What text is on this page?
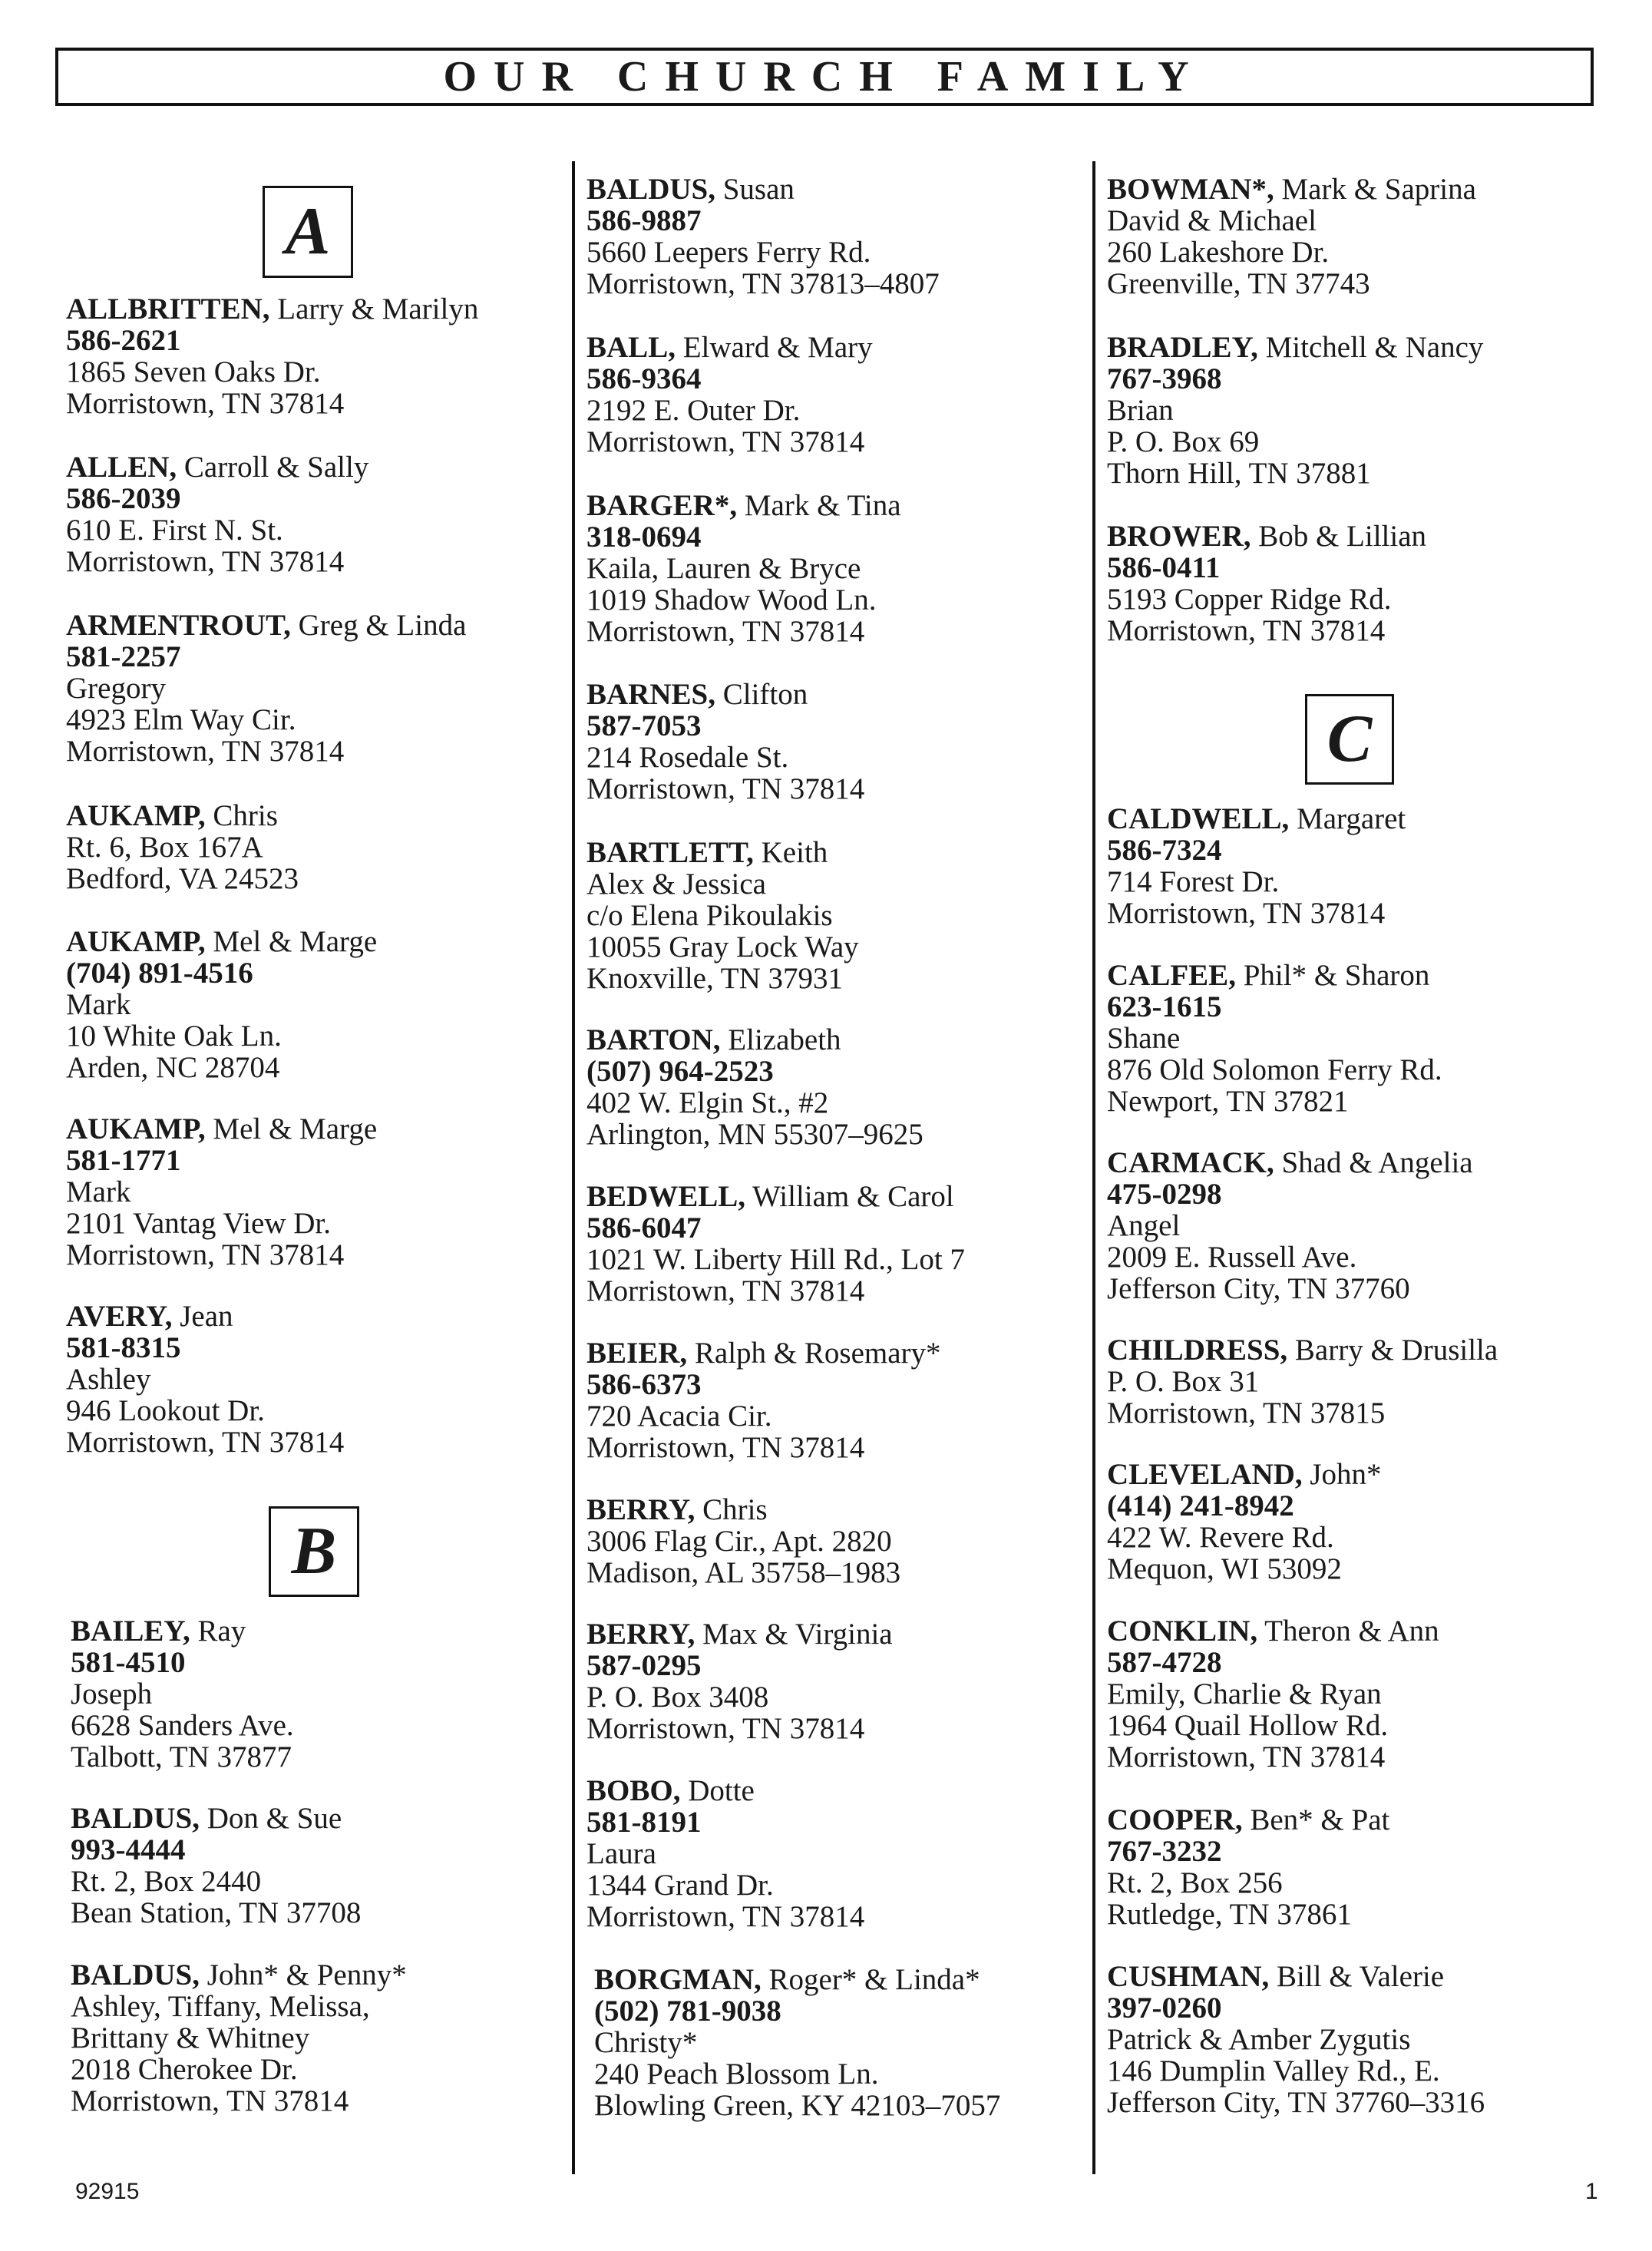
OUR CHURCH FAMILY
A
ALLBRITTEN, Larry & Marilyn
586-2621
1865 Seven Oaks Dr.
Morristown, TN 37814
ALLEN, Carroll & Sally
586-2039
610 E. First N. St.
Morristown, TN 37814
ARMENTROUT, Greg & Linda
581-2257
Gregory
4923 Elm Way Cir.
Morristown, TN 37814
AUKAMP, Chris
Rt. 6, Box 167A
Bedford, VA 24523
AUKAMP, Mel & Marge
(704) 891-4516
Mark
10 White Oak Ln.
Arden, NC 28704
AUKAMP, Mel & Marge
581-1771
Mark
2101 Vantag View Dr.
Morristown, TN 37814
AVERY, Jean
581-8315
Ashley
946 Lookout Dr.
Morristown, TN 37814
B
BAILEY, Ray
581-4510
Joseph
6628 Sanders Ave.
Talbott, TN 37877
BALDUS, Don & Sue
993-4444
Rt. 2, Box 2440
Bean Station, TN 37708
BALDUS, John* & Penny*
Ashley, Tiffany, Melissa,
Brittany & Whitney
2018 Cherokee Dr.
Morristown, TN 37814
BALDUS, Susan
586-9887
5660 Leepers Ferry Rd.
Morristown, TN 37813–4807
BALL, Elward & Mary
586-9364
2192 E. Outer Dr.
Morristown, TN 37814
BARGER*, Mark & Tina
318-0694
Kaila, Lauren & Bryce
1019 Shadow Wood Ln.
Morristown, TN 37814
BARNES, Clifton
587-7053
214 Rosedale St.
Morristown, TN 37814
BARTLETT, Keith
Alex & Jessica
c/o Elena Pikoulakis
10055 Gray Lock Way
Knoxville, TN 37931
BARTON, Elizabeth
(507) 964-2523
402 W. Elgin St., #2
Arlington, MN 55307–9625
BEDWELL, William & Carol
586-6047
1021 W. Liberty Hill Rd., Lot 7
Morristown, TN 37814
BEIER, Ralph & Rosemary*
586-6373
720 Acacia Cir.
Morristown, TN 37814
BERRY, Chris
3006 Flag Cir., Apt. 2820
Madison, AL 35758–1983
BERRY, Max & Virginia
587-0295
P. O. Box 3408
Morristown, TN 37814
BOBO, Dotte
581-8191
Laura
1344 Grand Dr.
Morristown, TN 37814
BORGMAN, Roger* & Linda*
(502) 781-9038
Christy*
240 Peach Blossom Ln.
Blowling Green, KY 42103–7057
BOWMAN*, Mark & Saprina
David & Michael
260 Lakeshore Dr.
Greenville, TN 37743
BRADLEY, Mitchell & Nancy
767-3968
Brian
P. O. Box 69
Thorn Hill, TN 37881
BROWER, Bob & Lillian
586-0411
5193 Copper Ridge Rd.
Morristown, TN 37814
C
CALDWELL, Margaret
586-7324
714 Forest Dr.
Morristown, TN 37814
CALFEE, Phil* & Sharon
623-1615
Shane
876 Old Solomon Ferry Rd.
Newport, TN 37821
CARMACK, Shad & Angelia
475-0298
Angel
2009 E. Russell Ave.
Jefferson City, TN 37760
CHILDRESS, Barry & Drusilla
P. O. Box 31
Morristown, TN 37815
CLEVELAND, John*
(414) 241-8942
422 W. Revere Rd.
Mequon, WI 53092
CONKLIN, Theron & Ann
587-4728
Emily, Charlie & Ryan
1964 Quail Hollow Rd.
Morristown, TN 37814
COOPER, Ben* & Pat
767-3232
Rt. 2, Box 256
Rutledge, TN 37861
CUSHMAN, Bill & Valerie
397-0260
Patrick & Amber Zygutis
146 Dumplin Valley Rd., E.
Jefferson City, TN 37760–3316
92915	1
